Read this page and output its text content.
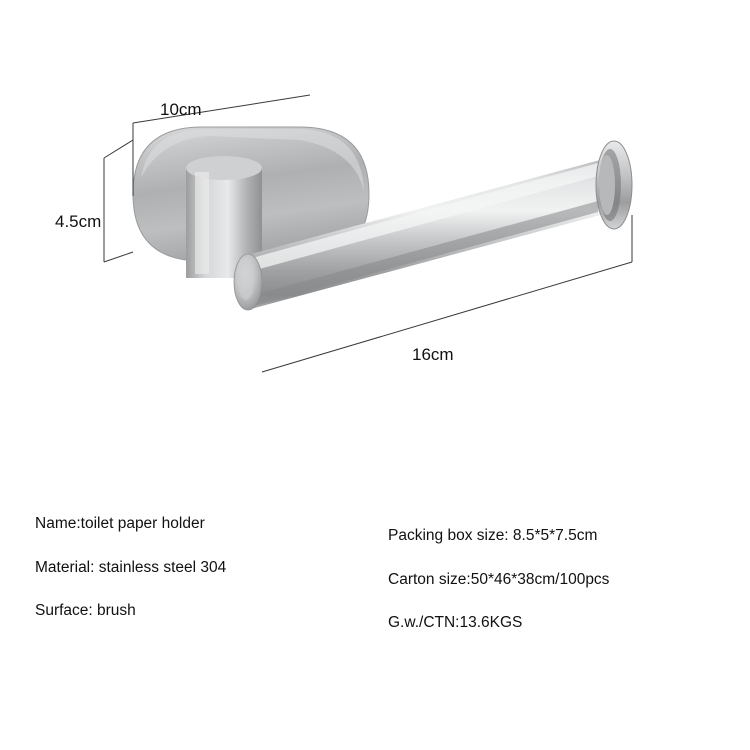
10cm
4.5cm
16cm
Name:toilet paper holder
Material: stainless steel 304
Surface: brush
Packing box size: 8.5*5*7.5cm
Carton size:50*46*38cm/100pcs
G.w./CTN:13.6KGS
